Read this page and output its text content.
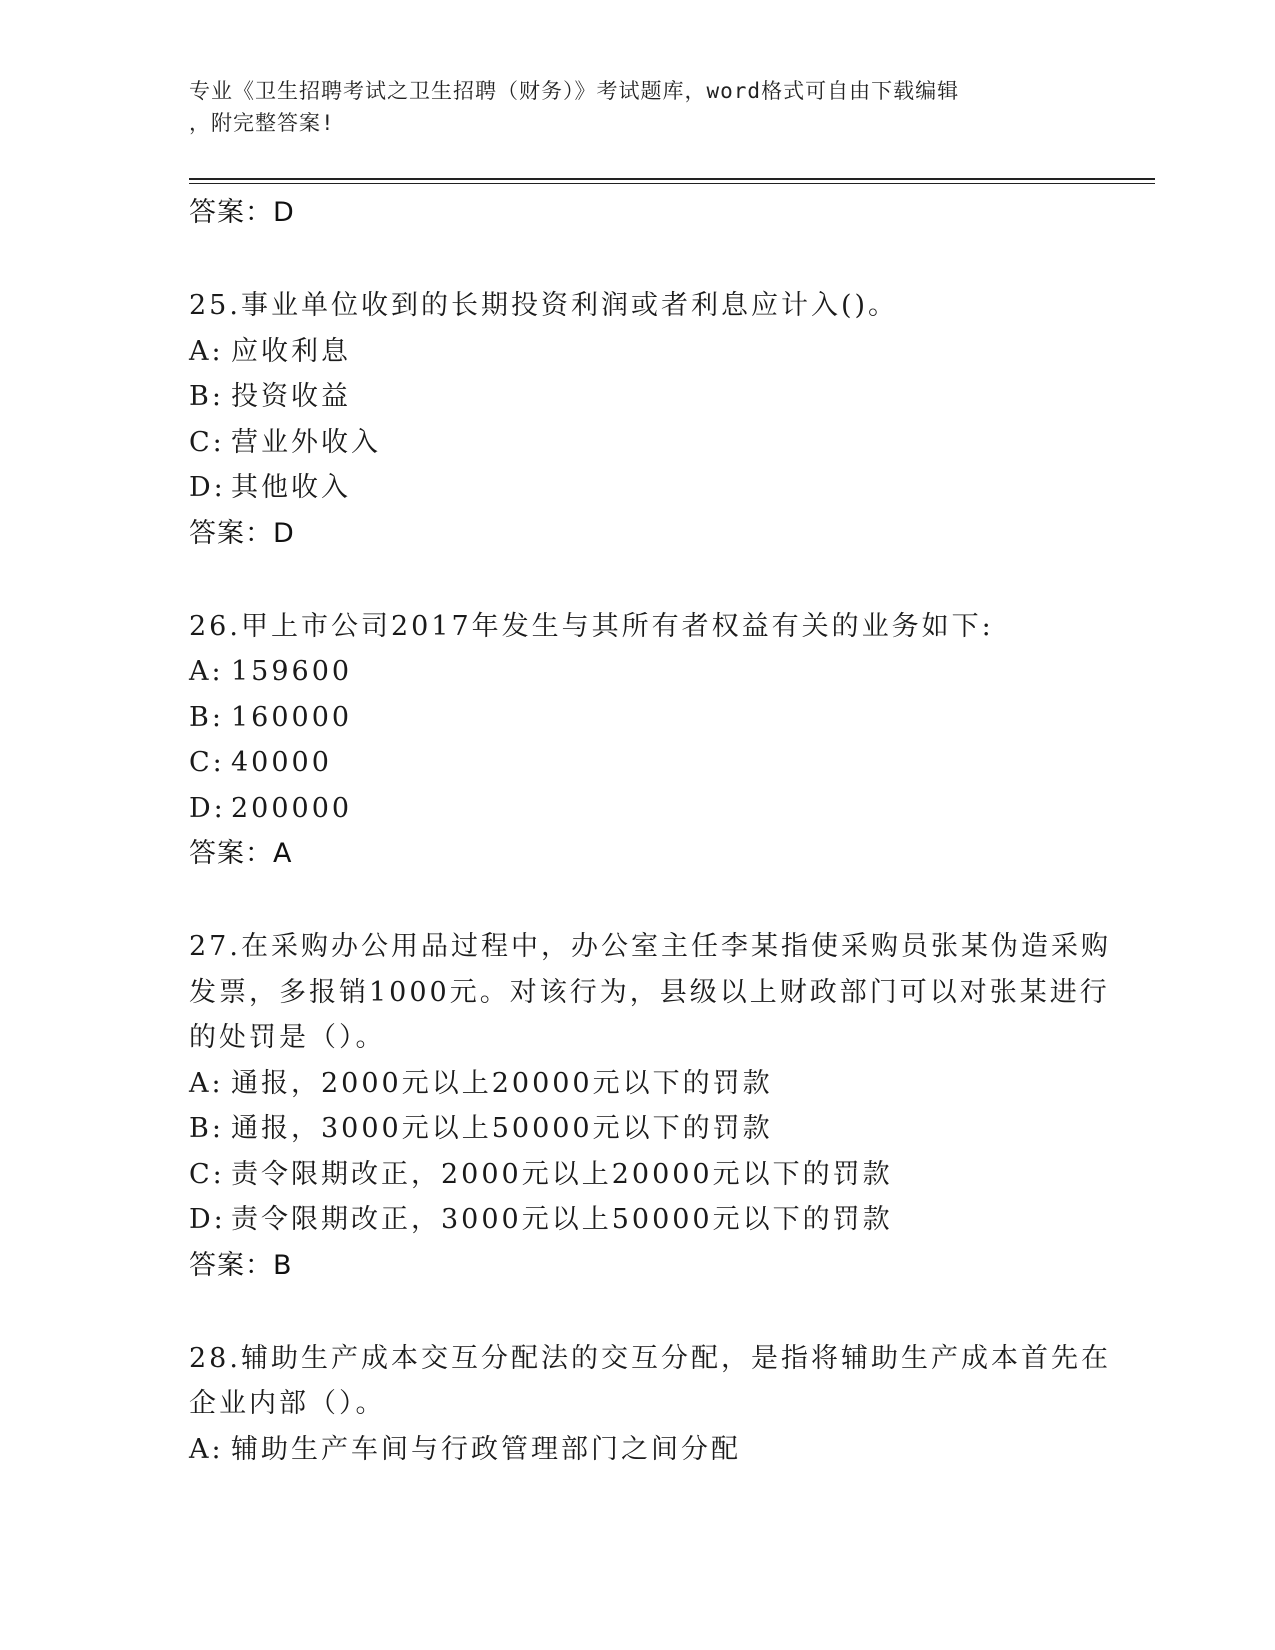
专业《卫生招聘考试之卫生招聘（财务）》考试题库，word格式可自由下载编辑
，附完整答案!
答案：D
25.事业单位收到的长期投资利润或者利息应计入()。
A: 应收利息
B: 投资收益
C: 营业外收入
D: 其他收入
答案：D
26.甲上市公司2017年发生与其所有者权益有关的业务如下:
A: 159600
B: 160000
C: 40000
D: 200000
答案：A
27.在采购办公用品过程中，办公室主任李某指使采购员张某伪造采购
发票，多报销1000元。对该行为，县级以上财政部门可以对张某进行
的处罚是（）。
A: 通报，2000元以上20000元以下的罚款
B: 通报，3000元以上50000元以下的罚款
C: 责令限期改正，2000元以上20000元以下的罚款
D: 责令限期改正，3000元以上50000元以下的罚款
答案：B
28.辅助生产成本交互分配法的交互分配，是指将辅助生产成本首先在
企业内部（）。
A: 辅助生产车间与行政管理部门之间分配
